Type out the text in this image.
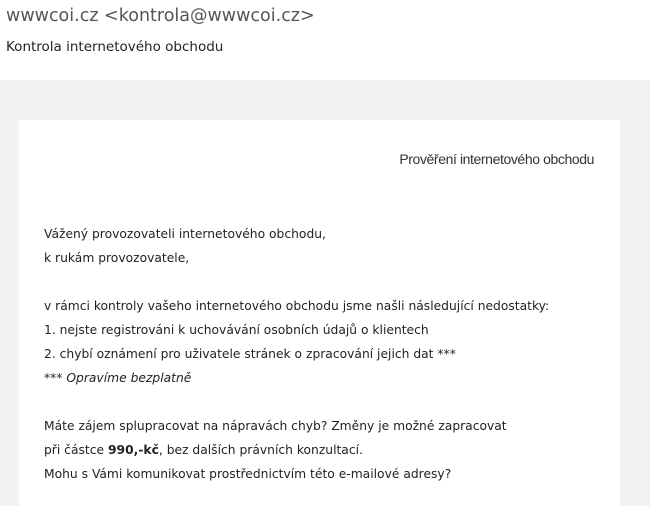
wwwcoi.cz <kontrola@wwwcoi.cz>
Kontrola internetového obchodu
Prověření internetového obchodu
Vážený provozovateli internetového obchodu,
k rukám provozovatele,
v rámci kontroly vašeho internetového obchodu jsme našli následující nedostatky:
1. nejste registrováni k uchovávání osobních údajů o klientech
2. chybí oznámení pro uživatele stránek o zpracování jejich dat ***
*** Opravíme bezplatně
Máte zájem splupracovat na nápravách chyb? Změny je možné zapracovat
při částce 990,-kč, bez dalších právních konzultací.
Mohu s Vámi komunikovat prostřednictvím této e-mailové adresy?
